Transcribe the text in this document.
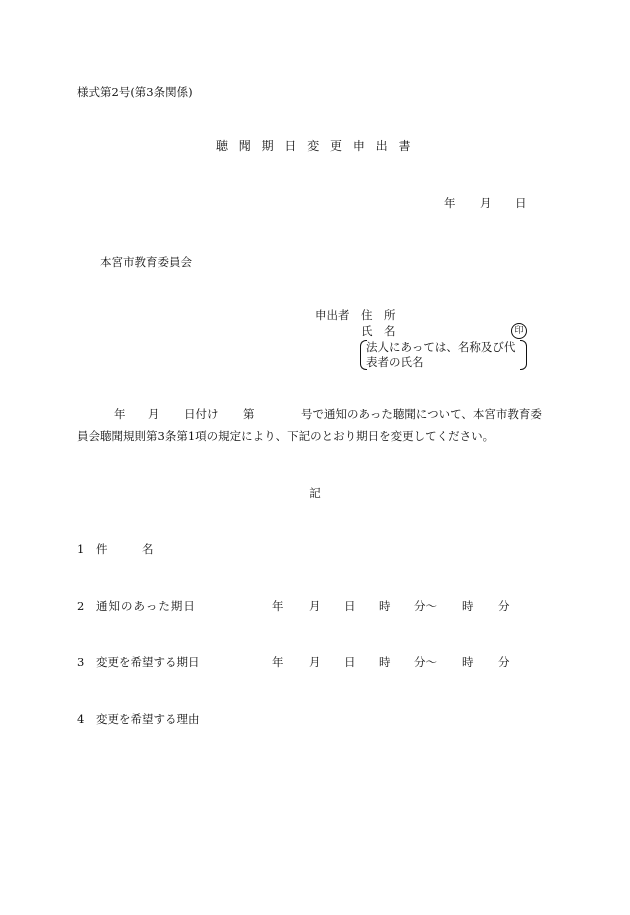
様式第2号(第3条関係)
聴 聞 期 日 変 更 申 出 書
年 月 日
本宮市教育委員会
申出者 住　所
氏　名	印
法人にあっては、名称及び代
表者の氏名
年 月 日付け 第	号で通知のあった聴聞について、本宮市教育委
員会聴聞規則第3条第1項の規定により、下記のとおり期日を変更してください。
記
1 件	名
2 通知のあった期日	年 月 日 時 分〜 時 分
3 変更を希望する期日	年 月 日 時 分〜 時 分
4 変更を希望する理由
